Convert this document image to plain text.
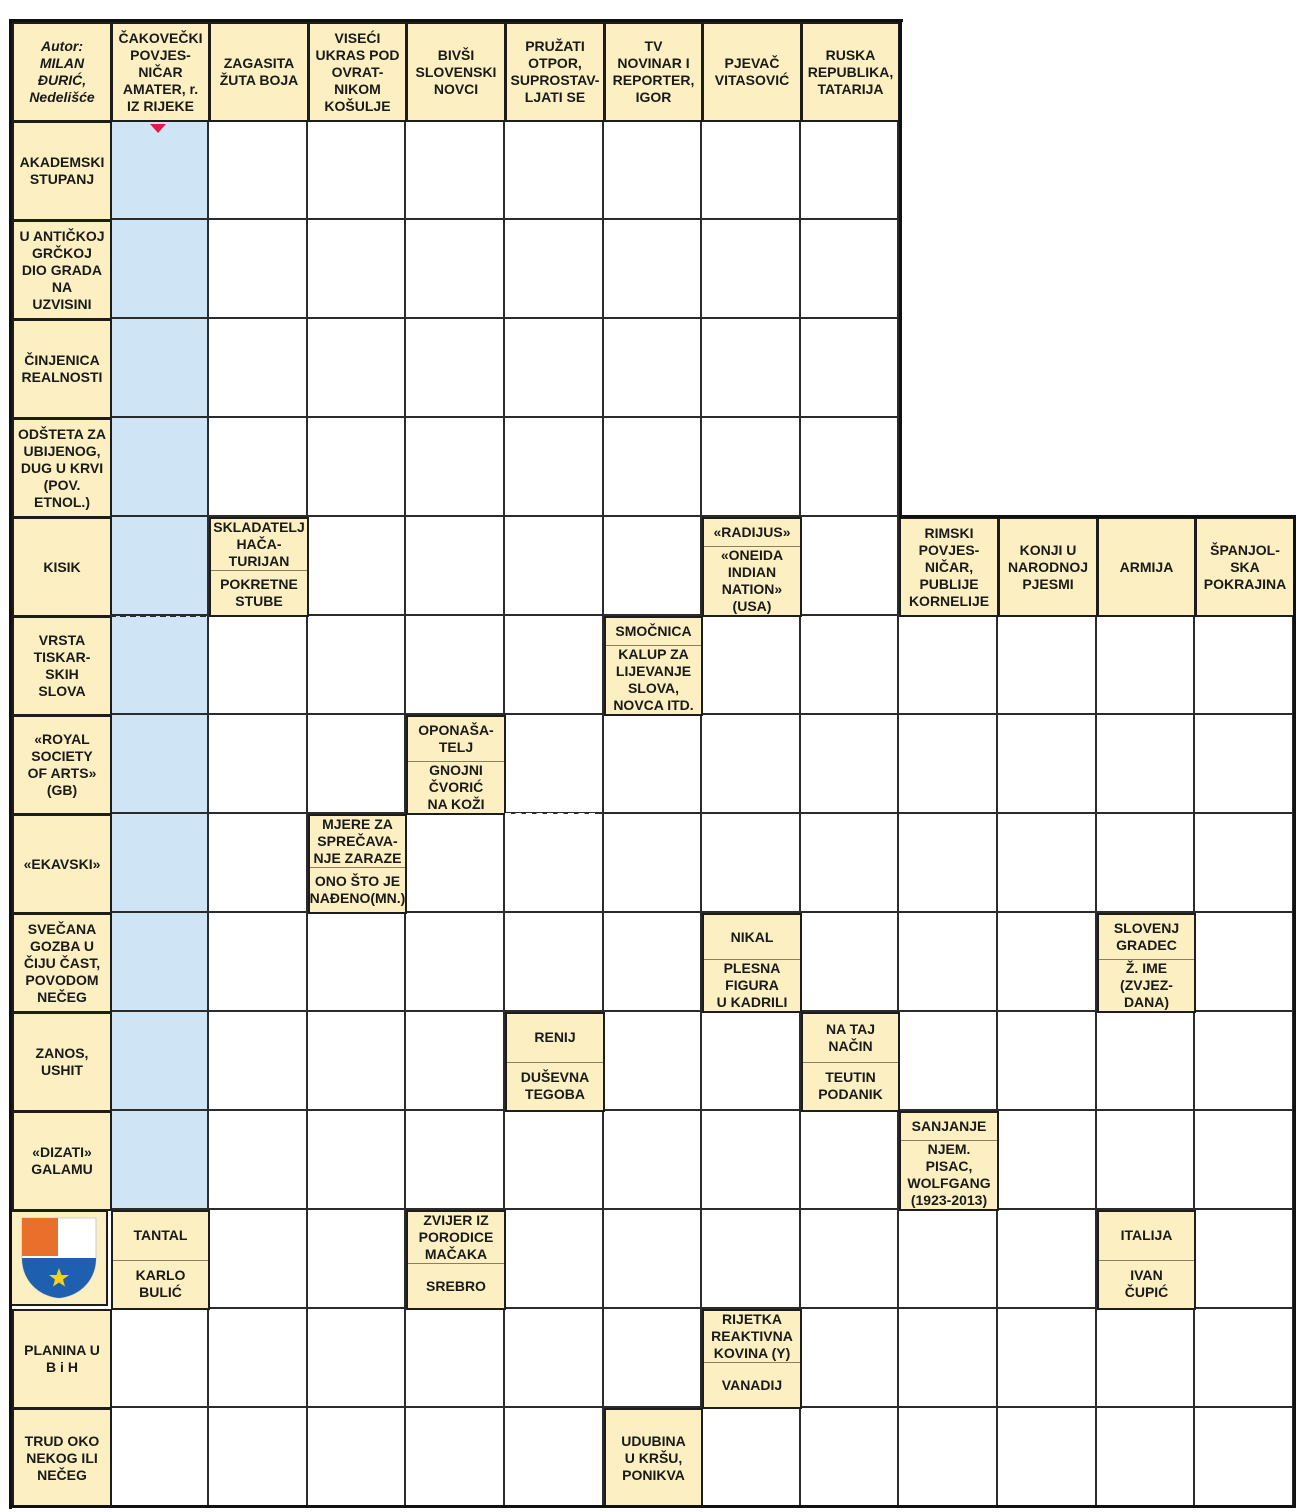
Autor:
MILAN
ĐURIĆ,
Nedelišće
ČAKOVEČKI
POVJES-
NIČAR
AMATER, r.
IZ RIJEKE
ZAGASITA
ŽUTA BOJA
VISEĆI
UKRAS POD
OVRAT-
NIKOM
KOŠULJE
BIVŠI
SLOVENSKI
NOVCI
PRUŽATI
OTPOR,
SUPROSTAV-
LJATI SE
TV
NOVINAR I
REPORTER,
IGOR
PJEVAČ
VITASOVIĆ
RUSKA
REPUBLIKA,
TATARIJA
AKADEMSKI
STUPANJ
U ANTIČKOJ
GRČKOJ
DIO GRADA
NA
UZVISINI
ČINJENICA
REALNOSTI
ODŠTETA ZA
UBIJENOG,
DUG U KRVI
(POV.
ETNOL.)
KISIK
VRSTA
TISKAR-
SKIH
SLOVA
«ROYAL
SOCIETY
OF ARTS»
(GB)
«EKAVSKI»
SVEČANA
GOZBA U
ČIJU ČAST,
POVODOM
NEČEG
ZANOS,
USHIT
«DIZATI»
GALAMU
PLANINA U
B i H
TRUD OKO
NEKOG ILI
NEČEG
RIMSKI
POVJES-
NIČAR,
PUBLIJE
KORNELIJE
KONJI U
NARODNOJ
PJESMI
ARMIJA
ŠPANJOL-
SKA
POKRAJINA
SKLADATELJ
HAČA-
TURIJAN
POKRETNE
STUBE
«RADIJUS»
«ONEIDA
INDIAN
NATION»
(USA)
SMOČNICA
KALUP ZA
LIJEVANJE
SLOVA,
NOVCA ITD.
OPONAŠA-
TELJ
GNOJNI
ČVORIĆ
NA KOŽI
MJERE ZA
SPREČAVA-
NJE ZARAZE
ONO ŠTO JE
NAĐENO(MN.)
NIKAL
PLESNA
FIGURA
U KADRILI
SLOVENJ
GRADEC
Ž. IME
(ZVJEZ-
DANA)
RENIJ
DUŠEVNA
TEGOBA
NA TAJ
NAČIN
TEUTIN
PODANIK
SANJANJE
NJEM. PISAC,
WOLFGANG
(1923-2013)
TANTAL
KARLO
BULIĆ
ZVIJER IZ
PORODICE
MAČAKA
SREBRO
ITALIJA
IVAN
ČUPIĆ
RIJETKA
REAKTIVNA
KOVINA (Y)
VANADIJ
UDUBINA
U KRŠU,
PONIKVA
